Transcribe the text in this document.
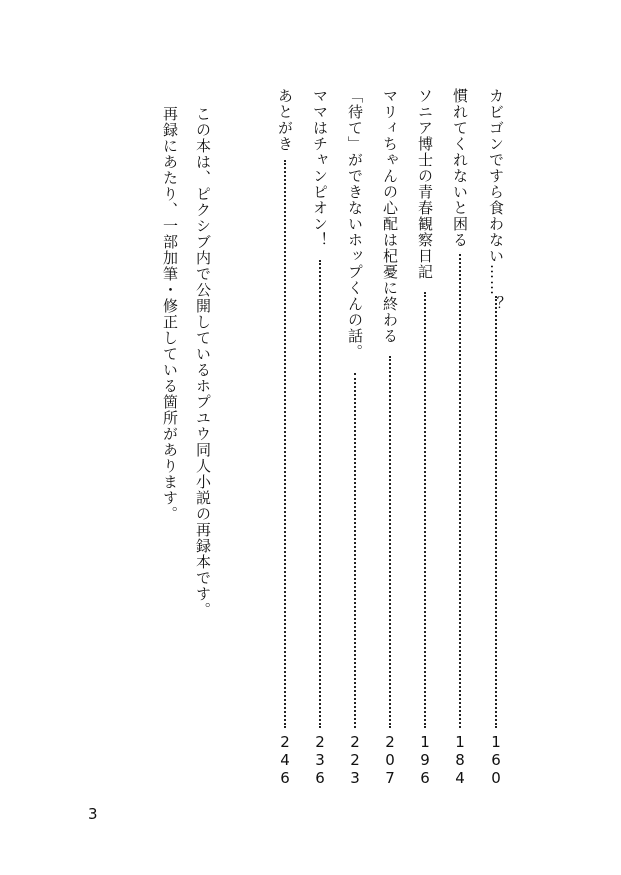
カビゴンですら食わない……？
160
慣れてくれないと困る
184
ソニア博士の青春観察日記
196
マリィちゃんの心配は杞憂に終わる
207
「待て」ができないホップくんの話。
223
ママはチャンピオン！
236
あとがき
246
この本は、ピクシブ内で公開しているホプユウ同人小説の再録本です。
再録にあたり、一部加筆・修正している箇所があります。
3
